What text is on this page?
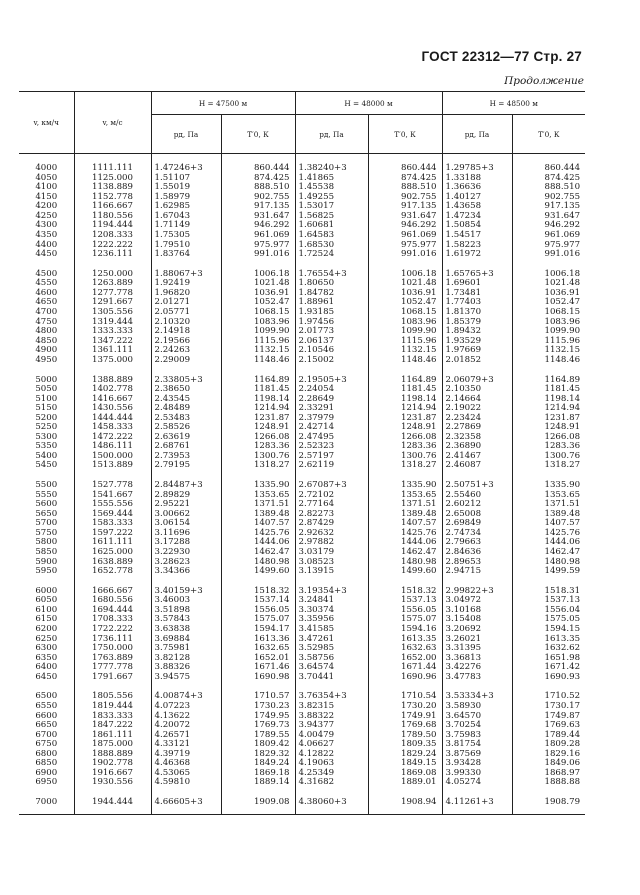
ГОСТ 22312—77 Стр. 27
Продолжение
v, км/ч	v, м/с	H = 47500 м		H = 48000 м		H = 48500 м	
		pд, Па	T′0, К	pд, Па	T′0, К	pд, Па	T′0, К

4000	1111.111	1.47246+3	860.444	1.38240+3	860.444	1.29785+3	860.444
4050	1125.000	1.51107	874.425	1.41865	874.425	1.33188	874.425
4100	1138.889	1.55019	888.510	1.45538	888.510	1.36636	888.510
4150	1152.778	1.58979	902.755	1.49255	902.755	1.40127	902.755
4200	1166.667	1.62985	917.135	1.53017	917.135	1.43658	917.135
4250	1180.556	1.67043	931.647	1.56825	931.647	1.47234	931.647
4300	1194.444	1.71149	946.292	1.60681	946.292	1.50854	946.292
4350	1208.333	1.75305	961.069	1.64583	961.069	1.54517	961.069
4400	1222.222	1.79510	975.977	1.68530	975.977	1.58223	975.977
4450	1236.111	1.83764	991.016	1.72524	991.016	1.61972	991.016

4500	1250.000	1.88067+3	1006.18	1.76554+3	1006.18	1.65765+3	1006.18
4550	1263.889	1.92419	1021.48	1.80650	1021.48	1.69601	1021.48
4600	1277.778	1.96820	1036.91	1.84782	1036.91	1.73481	1036.91
4650	1291.667	2.01271	1052.47	1.88961	1052.47	1.77403	1052.47
4700	1305.556	2.05771	1068.15	1.93185	1068.15	1.81370	1068.15
4750	1319.444	2.10320	1083.96	1.97456	1083.96	1.85379	1083.96
4800	1333.333	2.14918	1099.90	2.01773	1099.90	1.89432	1099.90
4850	1347.222	2.19566	1115.96	2.06137	1115.96	1.93529	1115.96
4900	1361.111	2.24263	1132.15	2.10546	1132.15	1.97669	1132.15
4950	1375.000	2.29009	1148.46	2.15002	1148.46	2.01852	1148.46

5000	1388.889	2.33805+3	1164.89	2.19505+3	1164.89	2.06079+3	1164.89
5050	1402.778	2.38650	1181.45	2.24054	1181.45	2.10350	1181.45
5100	1416.667	2.43545	1198.14	2.28649	1198.14	2.14664	1198.14
5150	1430.556	2.48489	1214.94	2.33291	1214.94	2.19022	1214.94
5200	1444.444	2.53483	1231.87	2.37979	1231.87	2.23424	1231.87
5250	1458.333	2.58526	1248.91	2.42714	1248.91	2.27869	1248.91
5300	1472.222	2.63619	1266.08	2.47495	1266.08	2.32358	1266.08
5350	1486.111	2.68761	1283.36	2.52323	1283.36	2.36890	1283.36
5400	1500.000	2.73953	1300.76	2.57197	1300.76	2.41467	1300.76
5450	1513.889	2.79195	1318.27	2.62119	1318.27	2.46087	1318.27

5500	1527.778	2.84487+3	1335.90	2.67087+3	1335.90	2.50751+3	1335.90
5550	1541.667	2.89829	1353.65	2.72102	1353.65	2.55460	1353.65
5600	1555.556	2.95221	1371.51	2.77164	1371.51	2.60212	1371.51
5650	1569.444	3.00662	1389.48	2.82273	1389.48	2.65008	1389.48
5700	1583.333	3.06154	1407.57	2.87429	1407.57	2.69849	1407.57
5750	1597.222	3.11696	1425.76	2.92632	1425.76	2.74734	1425.76
5800	1611.111	3.17288	1444.06	2.97882	1444.06	2.79663	1444.06
5850	1625.000	3.22930	1462.47	3.03179	1462.47	2.84636	1462.47
5900	1638.889	3.28623	1480.98	3.08523	1480.98	2.89653	1480.98
5950	1652.778	3.34366	1499.60	3.13915	1499.60	2.94715	1499.59

6000	1666.667	3.40159+3	1518.32	3.19354+3	1518.32	2.99822+3	1518.31
6050	1680.556	3.46003	1537.14	3.24841	1537.13	3.04972	1537.13
6100	1694.444	3.51898	1556.05	3.30374	1556.05	3.10168	1556.04
6150	1708.333	3.57843	1575.07	3.35956	1575.07	3.15408	1575.05
6200	1722.222	3.63838	1594.17	3.41585	1594.16	3.20692	1594.15
6250	1736.111	3.69884	1613.36	3.47261	1613.35	3.26021	1613.35
6300	1750.000	3.75981	1632.65	3.52985	1632.63	3.31395	1632.62
6350	1763.889	3.82128	1652.01	3.58756	1652.00	3.36813	1651.98
6400	1777.778	3.88326	1671.46	3.64574	1671.44	3.42276	1671.42
6450	1791.667	3.94575	1690.98	3.70441	1690.96	3.47783	1690.93

6500	1805.556	4.00874+3	1710.57	3.76354+3	1710.54	3.53334+3	1710.52
6550	1819.444	4.07223	1730.23	3.82315	1730.20	3.58930	1730.17
6600	1833.333	4.13622	1749.95	3.88322	1749.91	3.64570	1749.87
6650	1847.222	4.20072	1769.73	3.94377	1769.68	3.70254	1769.63
6700	1861.111	4.26571	1789.55	4.00479	1789.50	3.75983	1789.44
6750	1875.000	4.33121	1809.42	4.06627	1809.35	3.81754	1809.28
6800	1888.889	4.39719	1829.32	4.12822	1829.24	3.87569	1829.16
6850	1902.778	4.46368	1849.24	4.19063	1849.15	3.93428	1849.06
6900	1916.667	4.53065	1869.18	4.25349	1869.08	3.99330	1868.97
6950	1930.556	4.59810	1889.14	4.31682	1889.01	4.05274	1888.88

7000	1944.444	4.66605+3	1909.08	4.38060+3	1908.94	4.11261+3	1908.79
